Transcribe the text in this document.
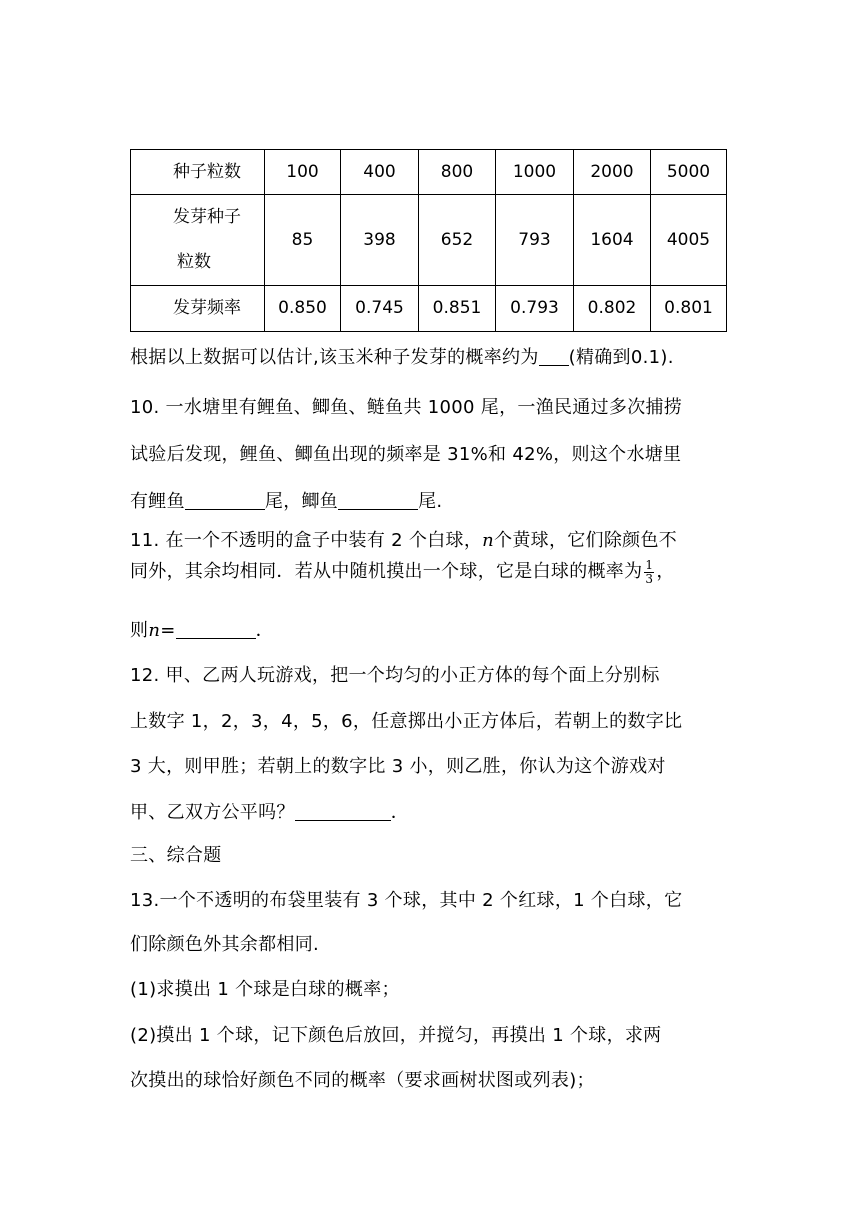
种子粒数	100	400	800	1000	2000	5000

发芽种子
粒数	85	398	652	793	1604	4005
发芽频率	0.850	0.745	0.851	0.793	0.802	0.801
根据以上数据可以估计,该玉米种子发芽的概率约为 (精确到0.1).
10. 一水塘里有鲤鱼、鲫鱼、鲢鱼共 1000 尾，一渔民通过多次捕捞
试验后发现，鲤鱼、鲫鱼出现的频率是 31%和 42%，则这个水塘里
有鲤鱼	尾，鲫鱼	尾.
11. 在一个不透明的盒子中装有 2 个白球，n个黄球，它们除颜色不
同外，其余均相同．若从中随机摸出一个球，它是白球的概率为 $\frac{1}{3}$ ，
则n=	．
12. 甲、乙两人玩游戏，把一个均匀的小正方体的每个面上分别标
上数字 1，2，3，4，5，6，任意掷出小正方体后，若朝上的数字比
3 大，则甲胜；若朝上的数字比 3 小，则乙胜，你认为这个游戏对
甲、乙双方公平吗？	．
三、综合题
13.一个不透明的布袋里装有 3 个球，其中 2 个红球，1 个白球，它
们除颜色外其余都相同.
(1)求摸出 1 个球是白球的概率；
(2)摸出 1 个球，记下颜色后放回，并搅匀，再摸出 1 个球，求两
次摸出的球恰好颜色不同的概率（要求画树状图或列表)；
